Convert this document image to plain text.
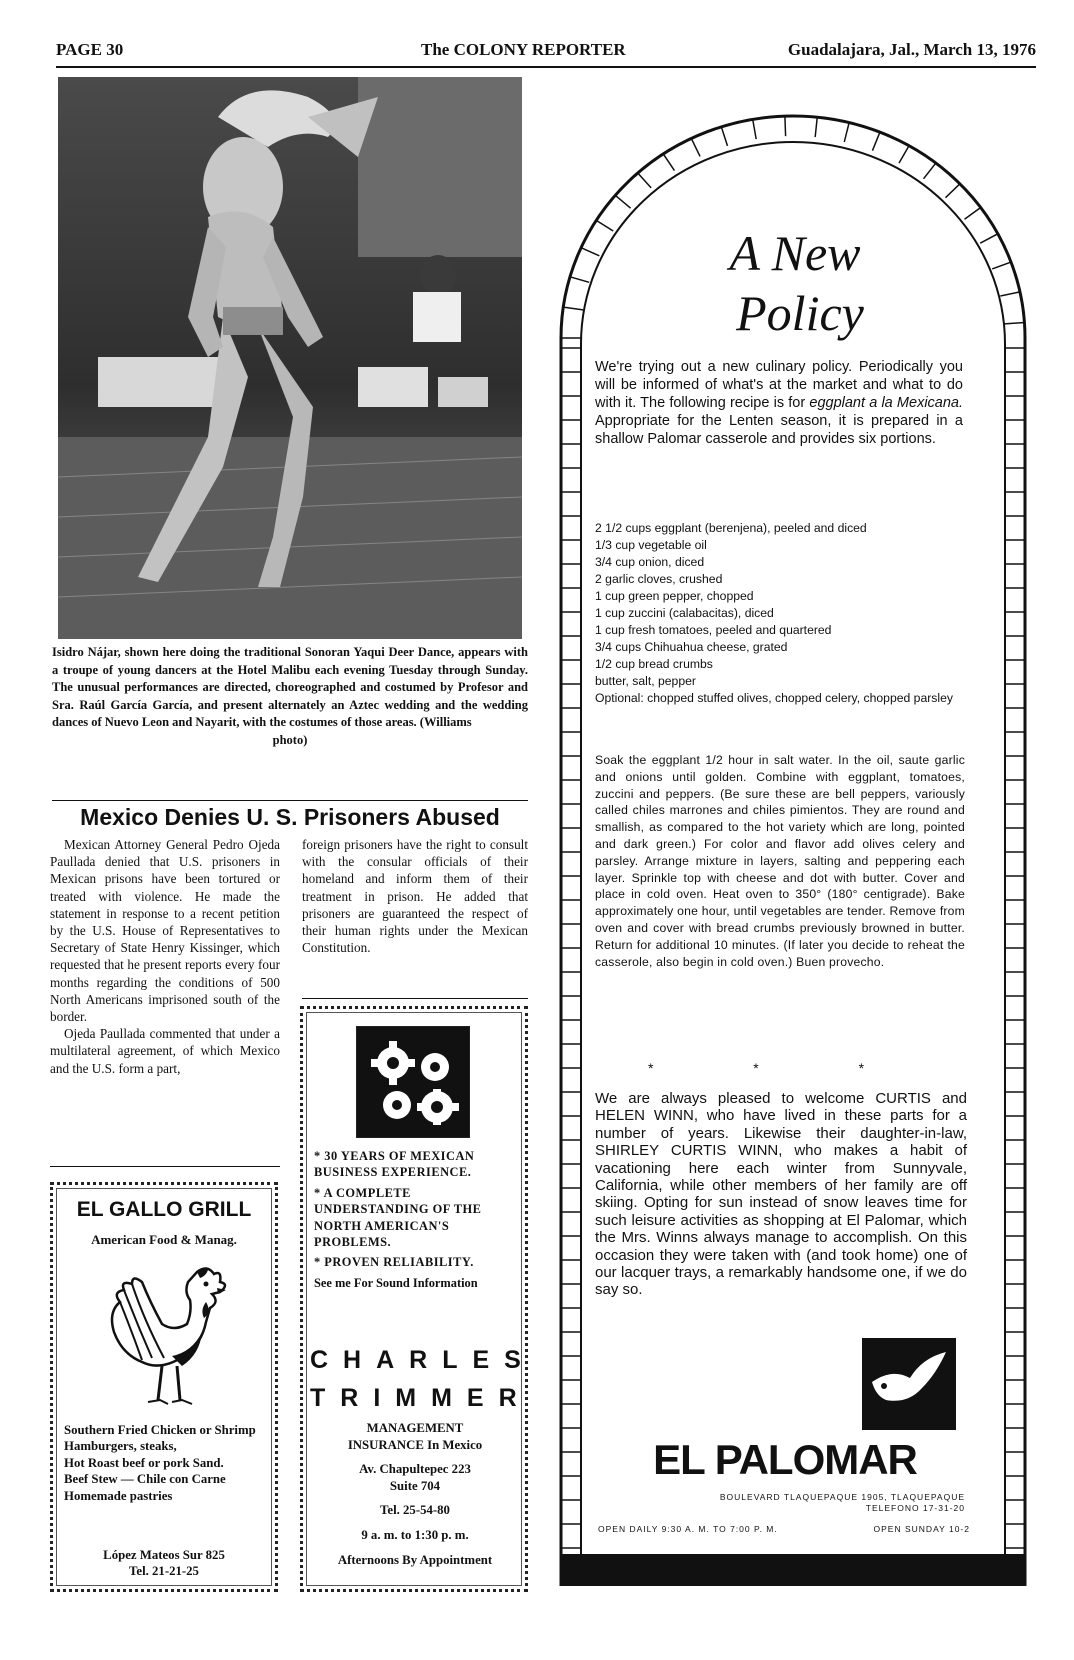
PAGE 30	The COLONY REPORTER	Guadalajara, Jal., March 13, 1976
Isidro Nájar, shown here doing the traditional Sonoran Yaqui Deer Dance, appears with a troupe of young dancers at the Hotel Malibu each evening Tuesday through Sunday. The unusual performances are directed, choreographed and costumed by Profesor and Sra. Raúl García García, and present alternately an Aztec wedding and the wedding dances of Nuevo Leon and Nayarit, with the costumes of those areas. (Williams
photo)
Mexico Denies U. S. Prisoners Abused

Mexican Attorney General Pedro Ojeda Paullada denied that U.S. prisoners in Mexican prisons have been tortured or treated with violence. He made the statement in response to a recent petition by the U.S. House of Representatives to Secretary of State Henry Kissinger, which requested that he present reports every four months regarding the conditions of 500 North Americans imprisoned south of the border.

Ojeda Paullada commented that under a multilateral agreement, of which Mexico and the U.S. form a part,

foreign prisoners have the right to consult with the consular officials of their homeland and inform them of their treatment in prison. He added that prisoners are guaranteed the respect of their human rights under the Mexican Constitution.

EL GALLO GRILL
American Food & Manag.
Southern Fried Chicken or Shrimp
Hamburgers, steaks,
Hot Roast beef or pork Sand.
Beef Stew — Chile con Carne
Homemade pastries
López Mateos Sur 825
Tel. 21-21-25
* 30 YEARS OF MEXICAN BUSINESS EXPERIENCE.
* A COMPLETE UNDERSTANDING OF THE NORTH AMERICAN'S PROBLEMS.
* PROVEN RELIABILITY.
See me For Sound Information
CHARLES
TRIMMER
MANAGEMENT
INSURANCE In Mexico
Av. Chapultepec 223
Suite 704
Tel. 25-54-80
9 a. m. to 1:30 p. m.
Afternoons By Appointment
A New
Policy
We're trying out a new culinary policy. Periodically you will be informed of what's at the market and what to do with it. The following recipe is for eggplant a la Mexicana. Appropriate for the Lenten season, it is prepared in a shallow Palomar casserole and provides six portions.
2 1/2 cups eggplant (berenjena), peeled and diced
1/3 cup vegetable oil
3/4 cup onion, diced
2 garlic cloves, crushed
1 cup green pepper, chopped
1 cup zuccini (calabacitas), diced
1 cup fresh tomatoes, peeled and quartered
3/4 cups Chihuahua cheese, grated
1/2 cup bread crumbs
butter, salt, pepper
Optional: chopped stuffed olives, chopped celery, chopped parsley
Soak the eggplant 1/2 hour in salt water. In the oil, saute garlic and onions until golden. Combine with eggplant, tomatoes, zuccini and peppers. (Be sure these are bell peppers, variously called chiles marrones and chiles pimientos. They are round and smallish, as compared to the hot variety which are long, pointed and dark green.) For color and flavor add olives celery and parsley. Arrange mixture in layers, salting and peppering each layer. Sprinkle top with cheese and dot with butter. Cover and place in cold oven. Heat oven to 350° (180° centigrade). Bake approximately one hour, until vegetables are tender. Remove from oven and cover with bread crumbs previously browned in butter. Return for additional 10 minutes. (If later you decide to reheat the casserole, also begin in cold oven.) Buen provecho.
* * *
We are always pleased to welcome CURTIS and HELEN WINN, who have lived in these parts for a number of years. Likewise their daughter-in-law, SHIRLEY CURTIS WINN, who makes a habit of vacationing here each winter from Sunnyvale, California, while other members of her family are off skiing. Opting for sun instead of snow leaves time for such leisure activities as shopping at El Palomar, which the Mrs. Winns always manage to accomplish. On this occasion they were taken with (and took home) one of our lacquer trays, a remarkably handsome one, if we do say so.
EL PALOMAR
BOULEVARD TLAQUEPAQUE 1905, TLAQUEPAQUE
TELEFONO 17-31-20
OPEN DAILY 9:30 A. M. TO 7:00 P. M.	OPEN SUNDAY 10-2
